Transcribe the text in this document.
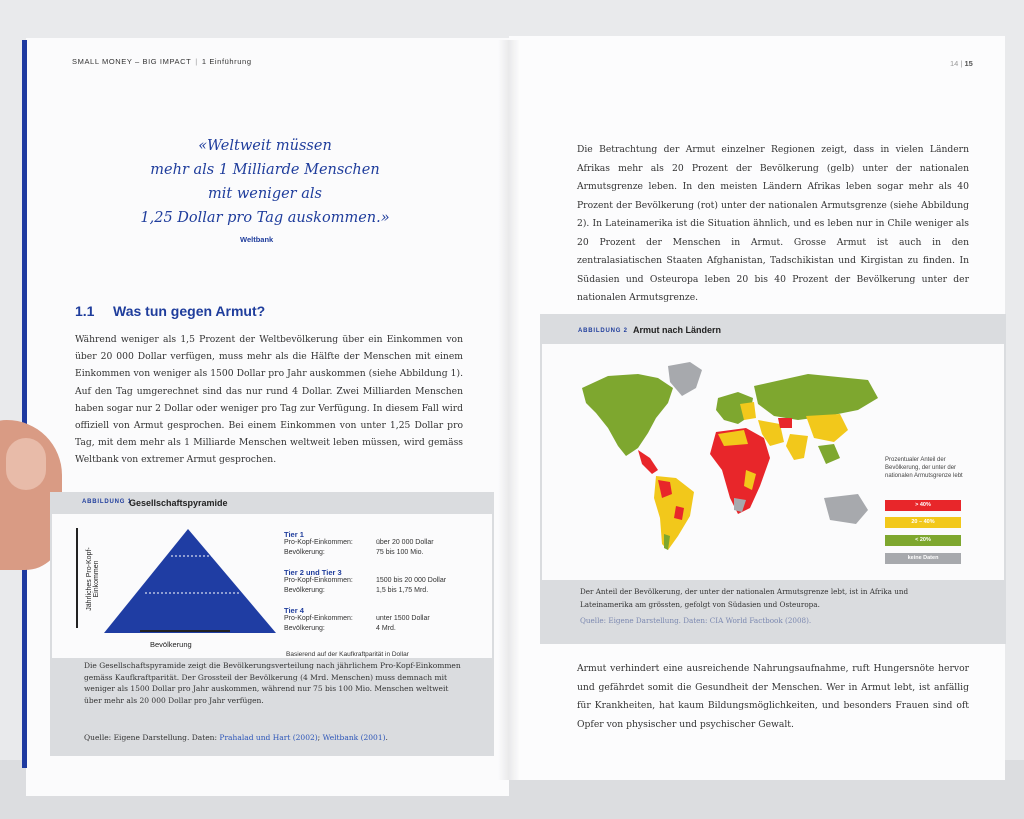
SMALL MONEY – BIG IMPACT | 1 Einführung	14 | 15
«Weltweit müssen
mehr als 1 Milliarde Menschen
mit weniger als
1,25 Dollar pro Tag auskommen.»
Weltbank
1.1 Was tun gegen Armut?
Während weniger als 1,5 Prozent der Weltbevölkerung über ein Einkommen von über 20 000 Dollar verfügen, muss mehr als die Hälfte der Menschen mit einem Einkommen von weniger als 1500 Dollar pro Jahr auskommen (siehe Abbildung 1). Auf den Tag umgerechnet sind das nur rund 4 Dollar. Zwei Milliarden Menschen haben sogar nur 2 Dollar oder weniger pro Tag zur Verfügung. In diesem Fall wird offiziell von Armut gesprochen. Bei einem Einkommen von unter 1,25 Dollar pro Tag, mit dem mehr als 1 Milliarde Menschen weltweit leben müssen, wird gemäss Weltbank von extremer Armut gesprochen.
ABBILDUNG 1
Gesellschaftspyramide
Jährliches Pro-Kopf-Einkommen
Bevölkerung
Tier 1
Pro-Kopf-Einkommen:	über 20 000 Dollar
Bevölkerung:	75 bis 100 Mio.
Tier 2 und Tier 3
Pro-Kopf-Einkommen:	1500 bis 20 000 Dollar
Bevölkerung:	1,5 bis 1,75 Mrd.
Tier 4
Pro-Kopf-Einkommen:	unter 1500 Dollar
Bevölkerung:	4 Mrd.
Basierend auf der Kaufkraftparität in Dollar
Die Gesellschaftspyramide zeigt die Bevölkerungsverteilung nach jährlichem Pro-Kopf-Einkommen gemäss Kaufkraftparität. Der Grossteil der Bevölkerung (4 Mrd. Menschen) muss demnach mit weniger als 1500 Dollar pro Jahr auskommen, während nur 75 bis 100 Mio. Menschen weltweit über mehr als 20 000 Dollar pro Jahr verfügen.
Quelle: Eigene Darstellung. Daten: Prahalad und Hart (2002); Weltbank (2001).
Die Betrachtung der Armut einzelner Regionen zeigt, dass in vielen Ländern Afrikas mehr als 20 Prozent der Bevölkerung (gelb) unter der nationalen Armutsgrenze leben. In den meisten Ländern Afrikas leben sogar mehr als 40 Prozent der Bevölkerung (rot) unter der nationalen Armutsgrenze (siehe Abbildung 2). In Lateinamerika ist die Situation ähnlich, und es leben nur in Chile weniger als 20 Prozent der Menschen in Armut. Grosse Armut ist auch in den zentralasiatischen Staaten Afghanistan, Tadschikistan und Kirgistan zu finden. In Südasien und Osteuropa leben 20 bis 40 Prozent der Bevölkerung unter der nationalen Armutsgrenze.
ABBILDUNG 2 Armut nach Ländern
Prozentualer Anteil der Bevölkerung, der unter der nationalen Armutsgrenze lebt
> 40%
20 – 40%
< 20%
keine Daten
Der Anteil der Bevölkerung, der unter der nationalen Armutsgrenze lebt, ist in Afrika und Lateinamerika am grössten, gefolgt von Südasien und Osteuropa.
Quelle: Eigene Darstellung. Daten: CIA World Factbook (2008).
Armut verhindert eine ausreichende Nahrungsaufnahme, ruft Hungersnöte hervor und gefährdet somit die Gesundheit der Menschen. Wer in Armut lebt, ist anfällig für Krankheiten, hat kaum Bildungsmöglichkeiten, und besonders Frauen sind oft Opfer von physischer und psychischer Gewalt.
